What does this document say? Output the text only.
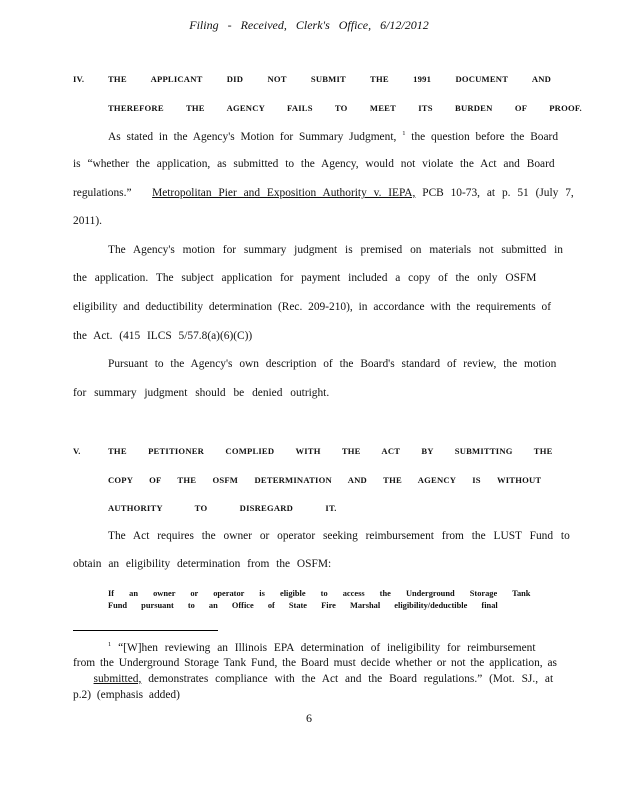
Filing - Received, Clerk's Office, 6/12/2012
IV.	THE APPLICANT DID NOT SUBMIT THE 1991 DOCUMENT AND
THEREFORE THE AGENCY FAILS TO MEET ITS BURDEN OF PROOF.
As stated in the Agency's Motion for Summary Judgment, $^1$ the question before the Board
is “whether the application, as submitted to the Agency, would not violate the Act and Board
regulations.” Metropolitan Pier and Exposition Authority v. IEPA, PCB 10-73, at p. 51 (July 7,
2011).
The Agency's motion for summary judgment is premised on materials not submitted in
the application. The subject application for payment included a copy of the only OSFM
eligibility and deductibility determination (Rec. 209-210), in accordance with the requirements of
the Act. (415 ILCS 5/57.8(a)(6)(C))
Pursuant to the Agency's own description of the Board's standard of review, the motion
for summary judgment should be denied outright.
V.	THE PETITIONER COMPLIED WITH THE ACT BY SUBMITTING THE
COPY OF THE OSFM DETERMINATION AND THE AGENCY IS WITHOUT
AUTHORITY TO DISREGARD IT.
The Act requires the owner or operator seeking reimbursement from the LUST Fund to
obtain an eligibility determination from the OSFM:
If an owner or operator is eligible to access the Underground Storage Tank
Fund pursuant to an Office of State Fire Marshal eligibility/deductible final
$^1$ “[W]hen reviewing an Illinois EPA determination of ineligibility for reimbursement
from the Underground Storage Tank Fund, the Board must decide whether or not the application, as
submitted, demonstrates compliance with the Act and the Board regulations.” (Mot. SJ., at
p.2) (emphasis added)
6
